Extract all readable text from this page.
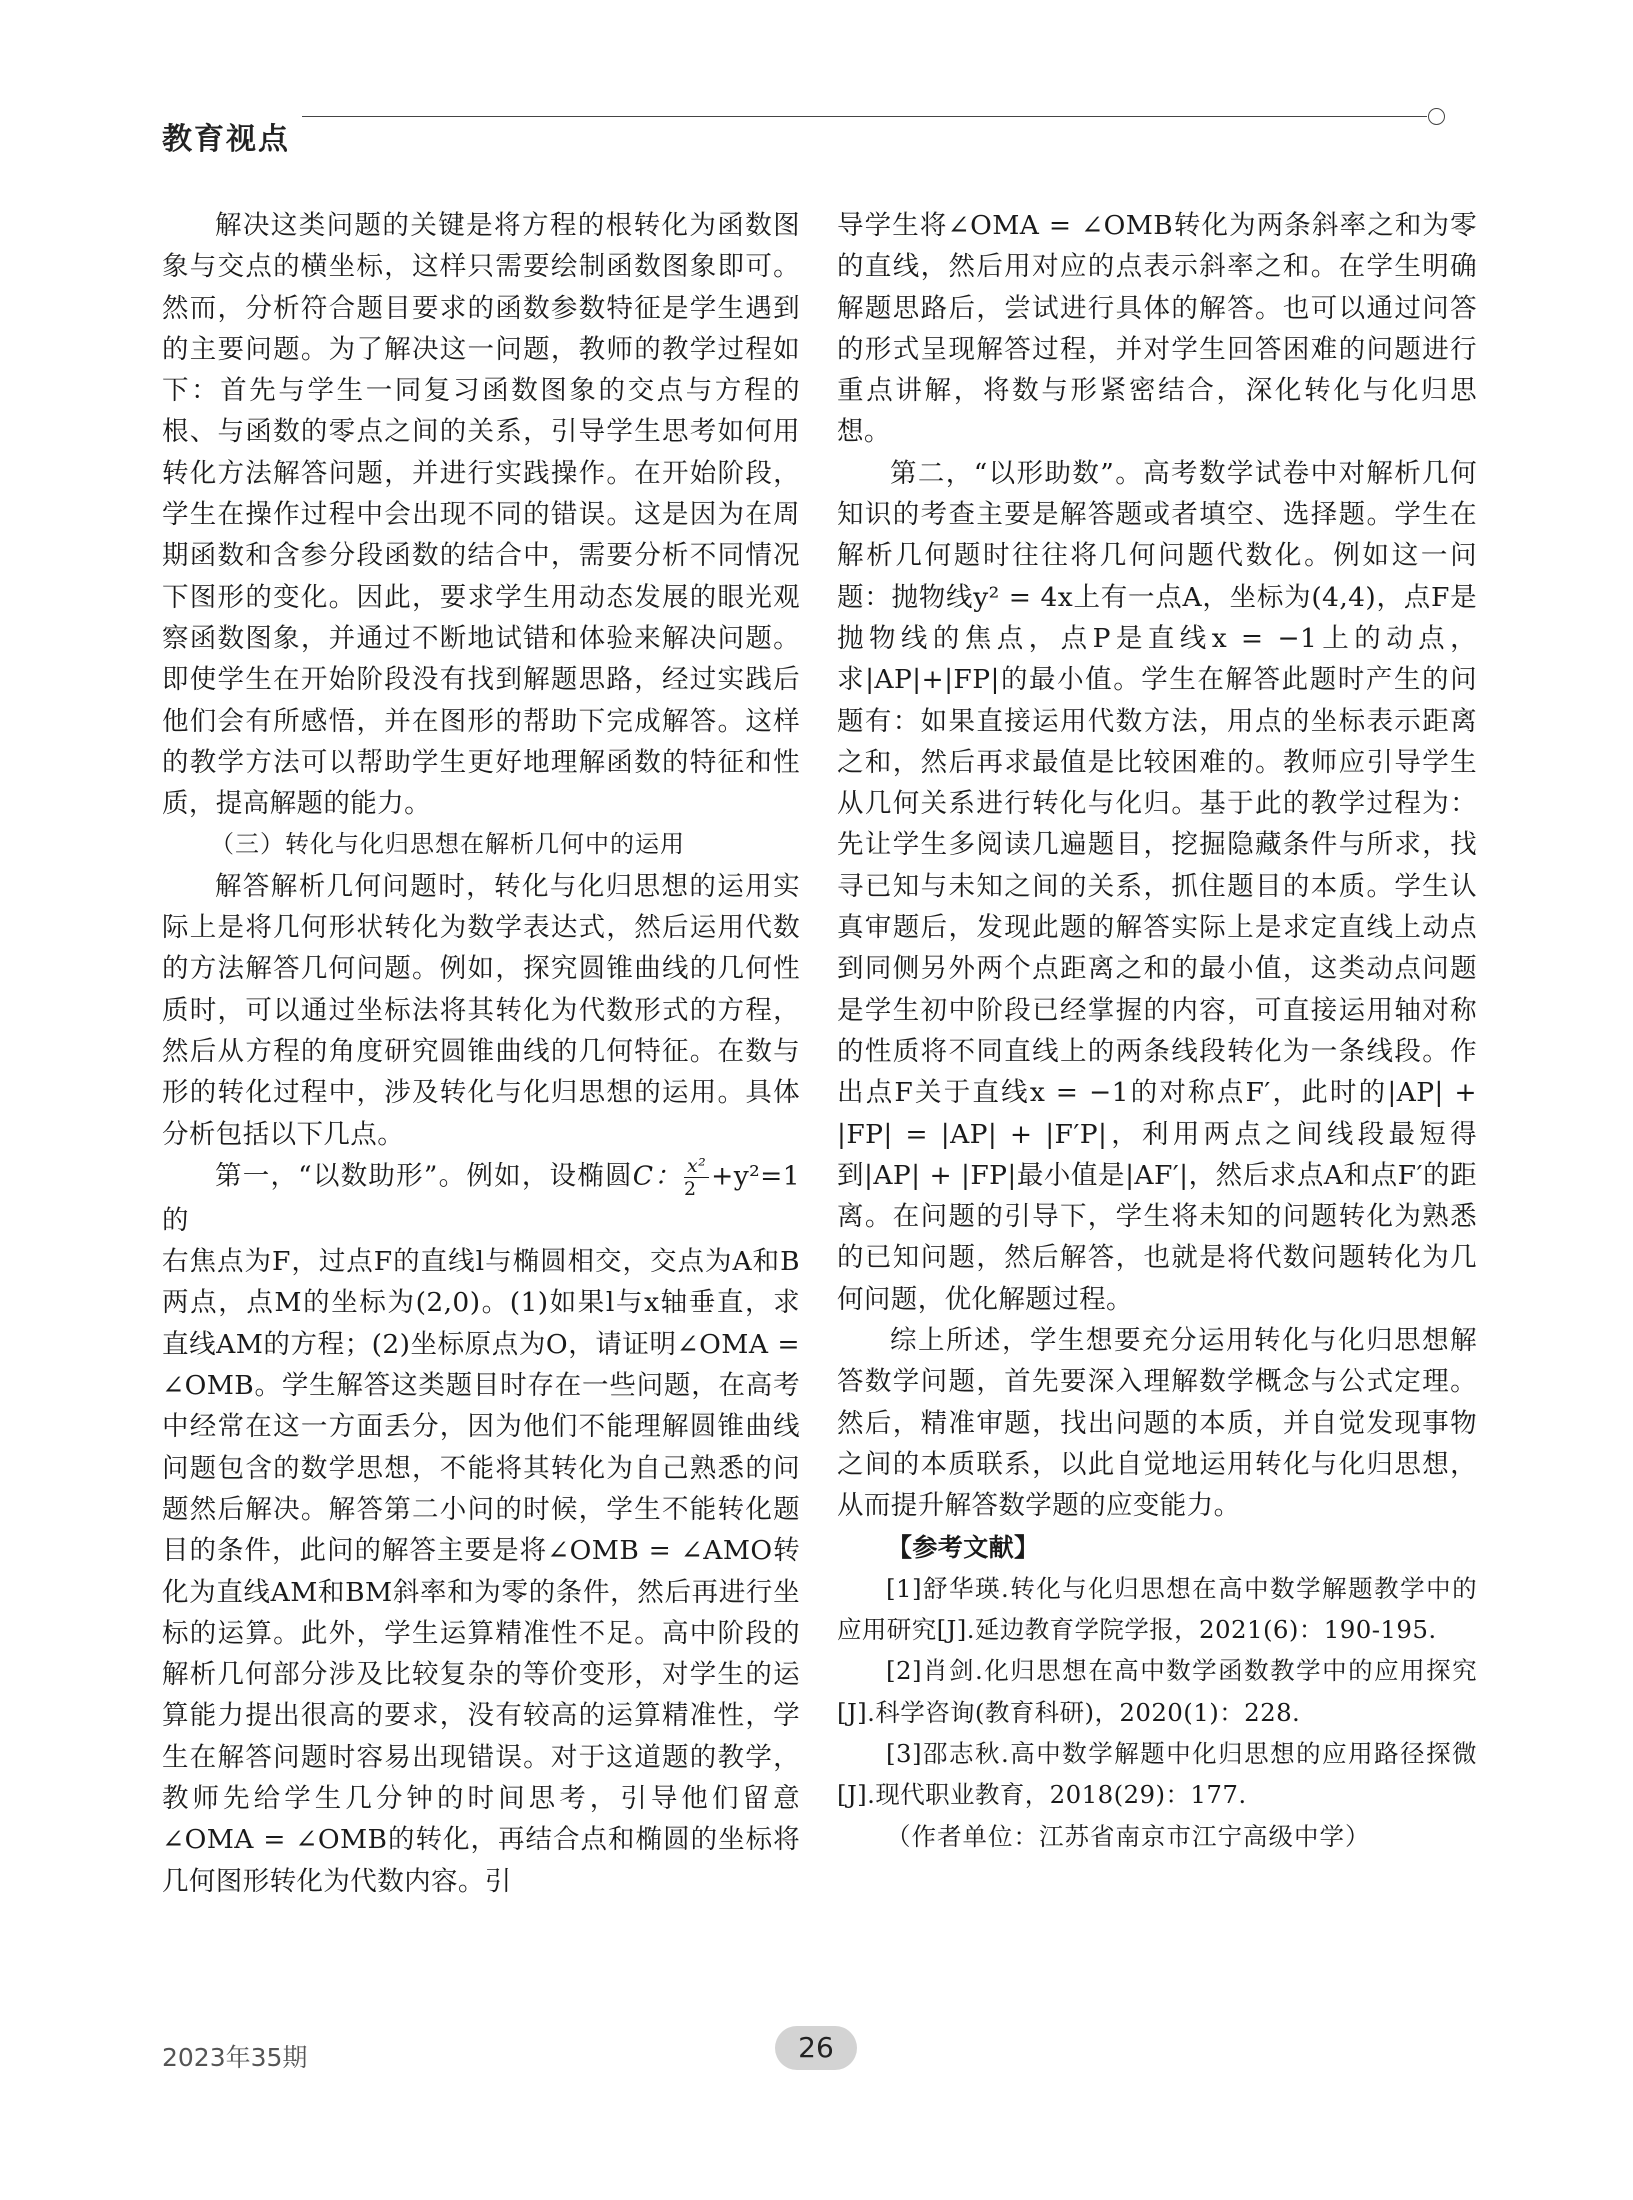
教育视点

解决这类问题的关键是将方程的根转化为函数图象与交点的横坐标，这样只需要绘制函数图象即可。然而，分析符合题目要求的函数参数特征是学生遇到的主要问题。为了解决这一问题，教师的教学过程如下：首先与学生一同复习函数图象的交点与方程的根、与函数的零点之间的关系，引导学生思考如何用转化方法解答问题，并进行实践操作。在开始阶段，学生在操作过程中会出现不同的错误。这是因为在周期函数和含参分段函数的结合中，需要分析不同情况下图形的变化。因此，要求学生用动态发展的眼光观察函数图象，并通过不断地试错和体验来解决问题。即使学生在开始阶段没有找到解题思路，经过实践后他们会有所感悟，并在图形的帮助下完成解答。这样的教学方法可以帮助学生更好地理解函数的特征和性质，提高解题的能力。

（三）转化与化归思想在解析几何中的运用

解答解析几何问题时，转化与化归思想的运用实际上是将几何形状转化为数学表达式，然后运用代数的方法解答几何问题。例如，探究圆锥曲线的几何性质时，可以通过坐标法将其转化为代数形式的方程，然后从方程的角度研究圆锥曲线的几何特征。在数与形的转化过程中，涉及转化与化归思想的运用。具体分析包括以下几点。

第一，“以数助形”。例如，设椭圆C： $\frac{\text{x²}}{2} +y^2=1$的

右焦点为F，过点F的直线l与椭圆相交，交点为A和B两点，点M的坐标为(2,0)。(1)如果l与x轴垂直，求直线AM的方程；(2)坐标原点为O，请证明∠OMA = ∠OMB。学生解答这类题目时存在一些问题，在高考中经常在这一方面丢分，因为他们不能理解圆锥曲线问题包含的数学思想，不能将其转化为自己熟悉的问题然后解决。解答第二小问的时候，学生不能转化题目的条件，此问的解答主要是将∠OMB = ∠AMO转化为直线AM和BM斜率和为零的条件，然后再进行坐标的运算。此外，学生运算精准性不足。高中阶段的解析几何部分涉及比较复杂的等价变形，对学生的运算能力提出很高的要求，没有较高的运算精准性，学生在解答问题时容易出现错误。对于这道题的教学，教师先给学生几分钟的时间思考，引导他们留意∠OMA = ∠OMB的转化，再结合点和椭圆的坐标将几何图形转化为代数内容。引

导学生将∠OMA = ∠OMB转化为两条斜率之和为零的直线，然后用对应的点表示斜率之和。在学生明确解题思路后，尝试进行具体的解答。也可以通过问答的形式呈现解答过程，并对学生回答困难的问题进行重点讲解，将数与形紧密结合，深化转化与化归思想。

第二，“以形助数”。高考数学试卷中对解析几何知识的考查主要是解答题或者填空、选择题。学生在解析几何题时往往将几何问题代数化。例如这一问题：抛物线y² = 4x上有一点A，坐标为(4,4)，点F是抛物线的焦点，点P是直线x = −1上的动点，求|AP|+|FP|的最小值。学生在解答此题时产生的问题有：如果直接运用代数方法，用点的坐标表示距离之和，然后再求最值是比较困难的。教师应引导学生从几何关系进行转化与化归。基于此的教学过程为：先让学生多阅读几遍题目，挖掘隐藏条件与所求，找寻已知与未知之间的关系，抓住题目的本质。学生认真审题后，发现此题的解答实际上是求定直线上动点到同侧另外两个点距离之和的最小值，这类动点问题是学生初中阶段已经掌握的内容，可直接运用轴对称的性质将不同直线上的两条线段转化为一条线段。作出点F关于直线x = −1的对称点F′，此时的|AP| + |FP| = |AP| + |F′P|，利用两点之间线段最短得到|AP| + |FP|最小值是|AF′|，然后求点A和点F′的距离。在问题的引导下，学生将未知的问题转化为熟悉的已知问题，然后解答，也就是将代数问题转化为几何问题，优化解题过程。

综上所述，学生想要充分运用转化与化归思想解答数学问题，首先要深入理解数学概念与公式定理。然后，精准审题，找出问题的本质，并自觉发现事物之间的本质联系，以此自觉地运用转化与化归思想，从而提升解答数学题的应变能力。

【参考文献】

[1]舒华瑛.转化与化归思想在高中数学解题教学中的应用研究[J].延边教育学院学报，2021(6)：190-195.

[2]肖剑.化归思想在高中数学函数教学中的应用探究[J].科学咨询(教育科研)，2020(1)：228.

[3]邵志秋.高中数学解题中化归思想的应用路径探微[J].现代职业教育，2018(29)：177.

（作者单位：江苏省南京市江宁高级中学）

2023年35期	26
